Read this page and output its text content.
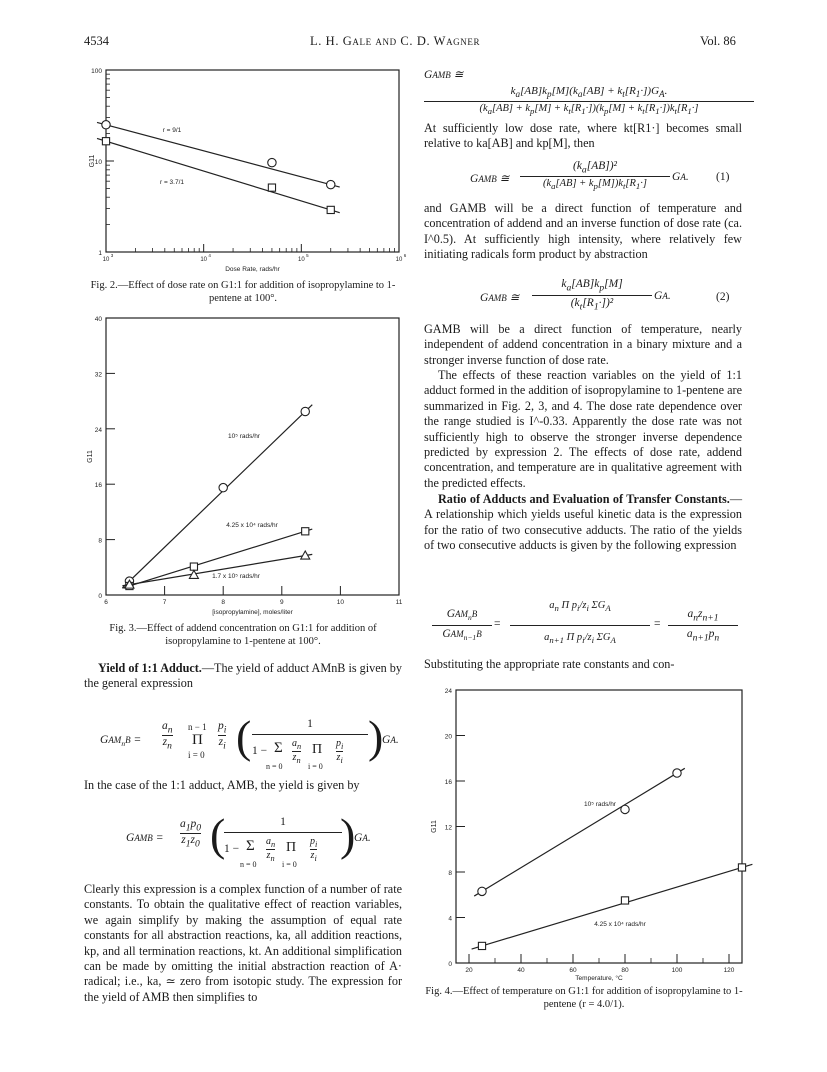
4534	L. H. Gale and C. D. Wagner	Vol. 86
100
10
1
10
3
10
4
10
5
10
6
Dose Rate, rads/hr
G11
r = 9/1
r = 3.7/1
Fig. 2.—Effect of dose rate on G1:1 for addition of isopropylamine to 1-pentene at 100°.
40
32
24
16
8
0
6	7	8	9	10	11
[isopropylamine], moles/liter
G11
10⁵ rads/hr
4.25 x 10⁴ rads/hr
1.7 x 10⁵ rads/hr
Fig. 3.—Effect of addend concentration on G1:1 for addition of isopropylamine to 1-pentene at 100°.

Yield of 1:1 Adduct.—The yield of adduct AMnB is given by the general expression

$GAM_nB = \frac{a_n}{z_n}$ n − 1
Π
i = 0
$\frac{p_i}{z_i}$ (	1
1 − Σ $\frac{a_n}{z_n}$ Π $\frac{p_i}{z_i}$
n = 0	i = 0
)
GA.
In the case of the 1:1 adduct, AMB, the yield is given by
GAMB = $\frac{a_1p_0}{z_1z_0}$ (	1
1 − Σ $\frac{a_n}{z_n}$ Π $\frac{p_i}{z_i}$
n = 0	i = 0
)
GA.
Clearly this expression is a complex function of a number of rate constants. To obtain the qualitative effect of reaction variables, we again simplify by making the assumption of equal rate constants for all abstraction reactions, ka, all addition reactions, kp, and all termination reactions, kt. An additional simplification can be made by omitting the initial abstraction reaction of A· radical; i.e., ka, ≃ zero from isotopic study. The expression for the yield of AMB then simplifies to
GAMB ≅
$k_a[AB]k_p[M](k_a[AB] + k_t[R_1\cdot])G_A$.
$(k_a[AB] + k_p[M] + k_t[R_1\cdot])(k_p[M] + k_t[R_1\cdot])k_t[R_1\cdot]$
At sufficiently low dose rate, where kt[R1·] becomes small relative to ka[AB] and kp[M], then
GAMB ≅
$(k_a[AB])^2$
$(k_a[AB] + k_p[M])k_t[R_1\cdot]$
GA. (1)
and GAMB will be a direct function of temperature and concentration of addend and an inverse function of dose rate (ca. I^0.5). At sufficiently high intensity, where relatively few initiating radicals form product by abstraction
GAMB ≅
$k_a[AB]k_p[M]$
$(k_t[R_1\cdot])^2$
GA.	(2)
GAMB will be a direct function of temperature, nearly independent of addend concentration in a binary mixture and a stronger inverse function of dose rate.

The effects of these reaction variables on the yield of 1:1 adduct formed in the addition of isopropylamine to 1-pentene are summarized in Fig. 2, 3, and 4. The dose rate dependence over the range studied is I^-0.33. Apparently the dose rate was not sufficiently high to observe the stronger inverse dependence predicted by expression 2. The effects of dose rate, addend concentration, and temperature are in qualitative agreement with the predicted effects.

Ratio of Adducts and Evaluation of Transfer Constants.—A relationship which yields useful kinetic data is the expression for the ratio of two consecutive adducts. The ratio of the yields of two consecutive adducts is given by the following expression

$GAM_nB$
$GAM_{n-1}B$
=
$a_n$ Π $p_i/z_i$ $\Sigma G_A$
$a_{n+1}$ Π $p_i/z_i$ $\Sigma G_A$
=
$a_nz_{n+1}$
$a_{n+1}p_n$
Substituting the appropriate rate constants and con-
24
20
16
12
8
4
0
20	40	60	80	100	120
Temperature, °C
G11
10⁵ rads/hr
4.25 x 10⁴ rads/hr
Fig. 4.—Effect of temperature on G1:1 for addition of isopropylamine to 1-pentene (r = 4.0/1).
